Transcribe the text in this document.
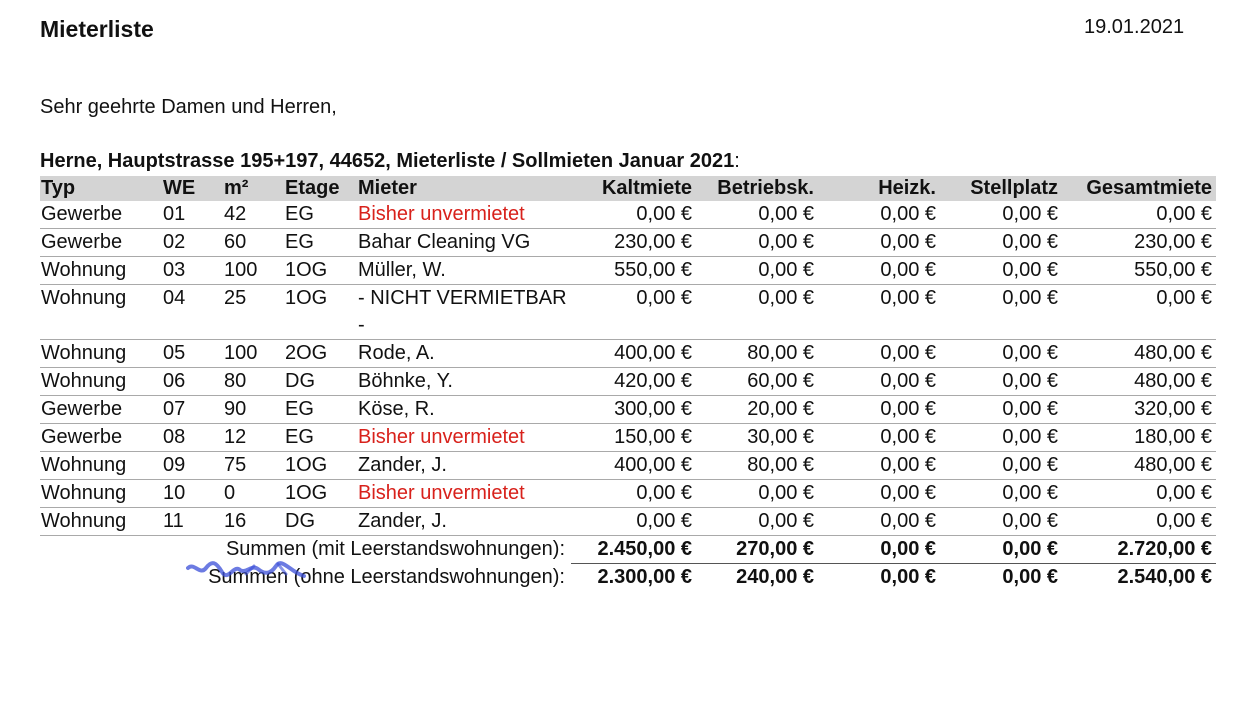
Mieterliste	19.01.2021
Sehr geehrte Damen und Herren,
Herne, Hauptstrasse 195+197, 44652, Mieterliste / Sollmieten Januar 2021:
Typ	WE	m²	Etage	Mieter	Kaltmiete	Betriebsk.	Heizk.	Stellplatz	Gesamtmiete
Gewerbe	01	42	EG	Bisher unvermietet	0,00 €	0,00 €	0,00 €	0,00 €	0,00 €
Gewerbe	02	60	EG	Bahar Cleaning VG	230,00 €	0,00 €	0,00 €	0,00 €	230,00 €
Wohnung	03	100	1OG	Müller, W.	550,00 €	0,00 €	0,00 €	0,00 €	550,00 €
Wohnung	04	25	1OG	- NICHT VERMIETBAR -	0,00 €	0,00 €	0,00 €	0,00 €	0,00 €
Wohnung	05	100	2OG	Rode, A.	400,00 €	80,00 €	0,00 €	0,00 €	480,00 €
Wohnung	06	80	DG	Böhnke, Y.	420,00 €	60,00 €	0,00 €	0,00 €	480,00 €
Gewerbe	07	90	EG	Köse, R.	300,00 €	20,00 €	0,00 €	0,00 €	320,00 €
Gewerbe	08	12	EG	Bisher unvermietet	150,00 €	30,00 €	0,00 €	0,00 €	180,00 €
Wohnung	09	75	1OG	Zander, J.	400,00 €	80,00 €	0,00 €	0,00 €	480,00 €
Wohnung	10	0	1OG	Bisher unvermietet	0,00 €	0,00 €	0,00 €	0,00 €	0,00 €
Wohnung	11	16	DG	Zander, J.	0,00 €	0,00 €	0,00 €	0,00 €	0,00 €
Summen (mit Leerstandswohnungen):					2.450,00 €	270,00 €	0,00 €	0,00 €	2.720,00 €
Summen (ohne Leerstandswohnungen):					2.300,00 €	240,00 €	0,00 €	0,00 €	2.540,00 €
